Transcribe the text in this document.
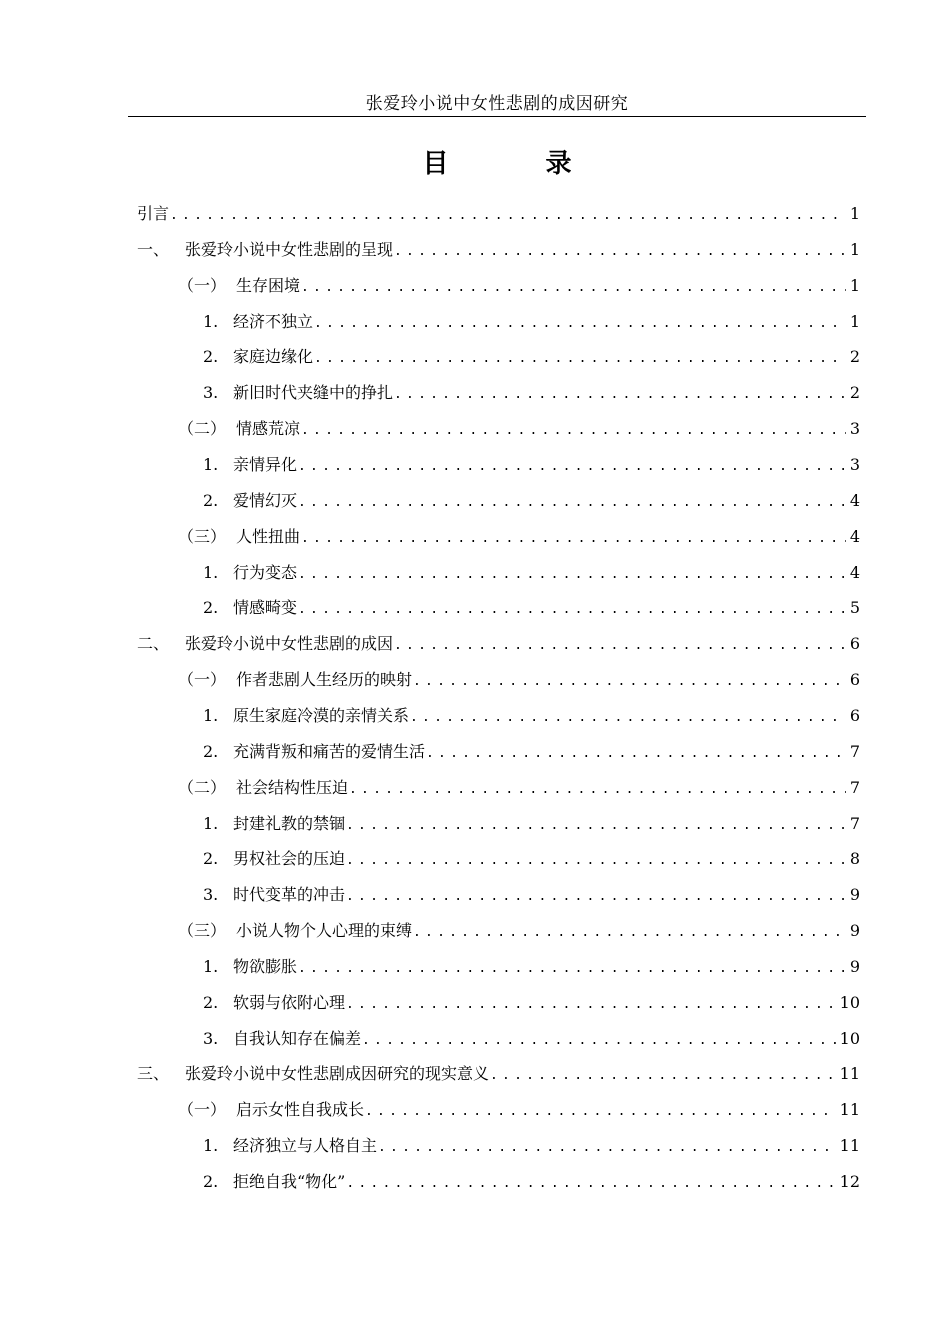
张爱玲小说中女性悲剧的成因研究
目 录
引言 .....	1
一、 张爱玲小说中女性悲剧的呈现 .....	1
（一） 生存困境 .....	1
1. 经济不独立 .....	1
2. 家庭边缘化 .....	2
3. 新旧时代夹缝中的挣扎 .....	2
（二） 情感荒凉 .....	3
1. 亲情异化 .....	3
2. 爱情幻灭 .....	4
（三） 人性扭曲 .....	4
1. 行为变态 .....	4
2. 情感畸变 .....	5
二、 张爱玲小说中女性悲剧的成因 .....	6
（一） 作者悲剧人生经历的映射 .....	6
1. 原生家庭冷漠的亲情关系 .....	6
2. 充满背叛和痛苦的爱情生活 .....	7
（二） 社会结构性压迫 .....	7
1. 封建礼教的禁锢 .....	7
2. 男权社会的压迫 .....	8
3. 时代变革的冲击 .....	9
（三） 小说人物个人心理的束缚 .....	9
1. 物欲膨胀 .....	9
2. 软弱与依附心理 .....	10
3. 自我认知存在偏差 .....	10
三、 张爱玲小说中女性悲剧成因研究的现实意义 .....	11
（一） 启示女性自我成长 .....	11
1. 经济独立与人格自主 .....	11
2. 拒绝自我“物化” .....	12
